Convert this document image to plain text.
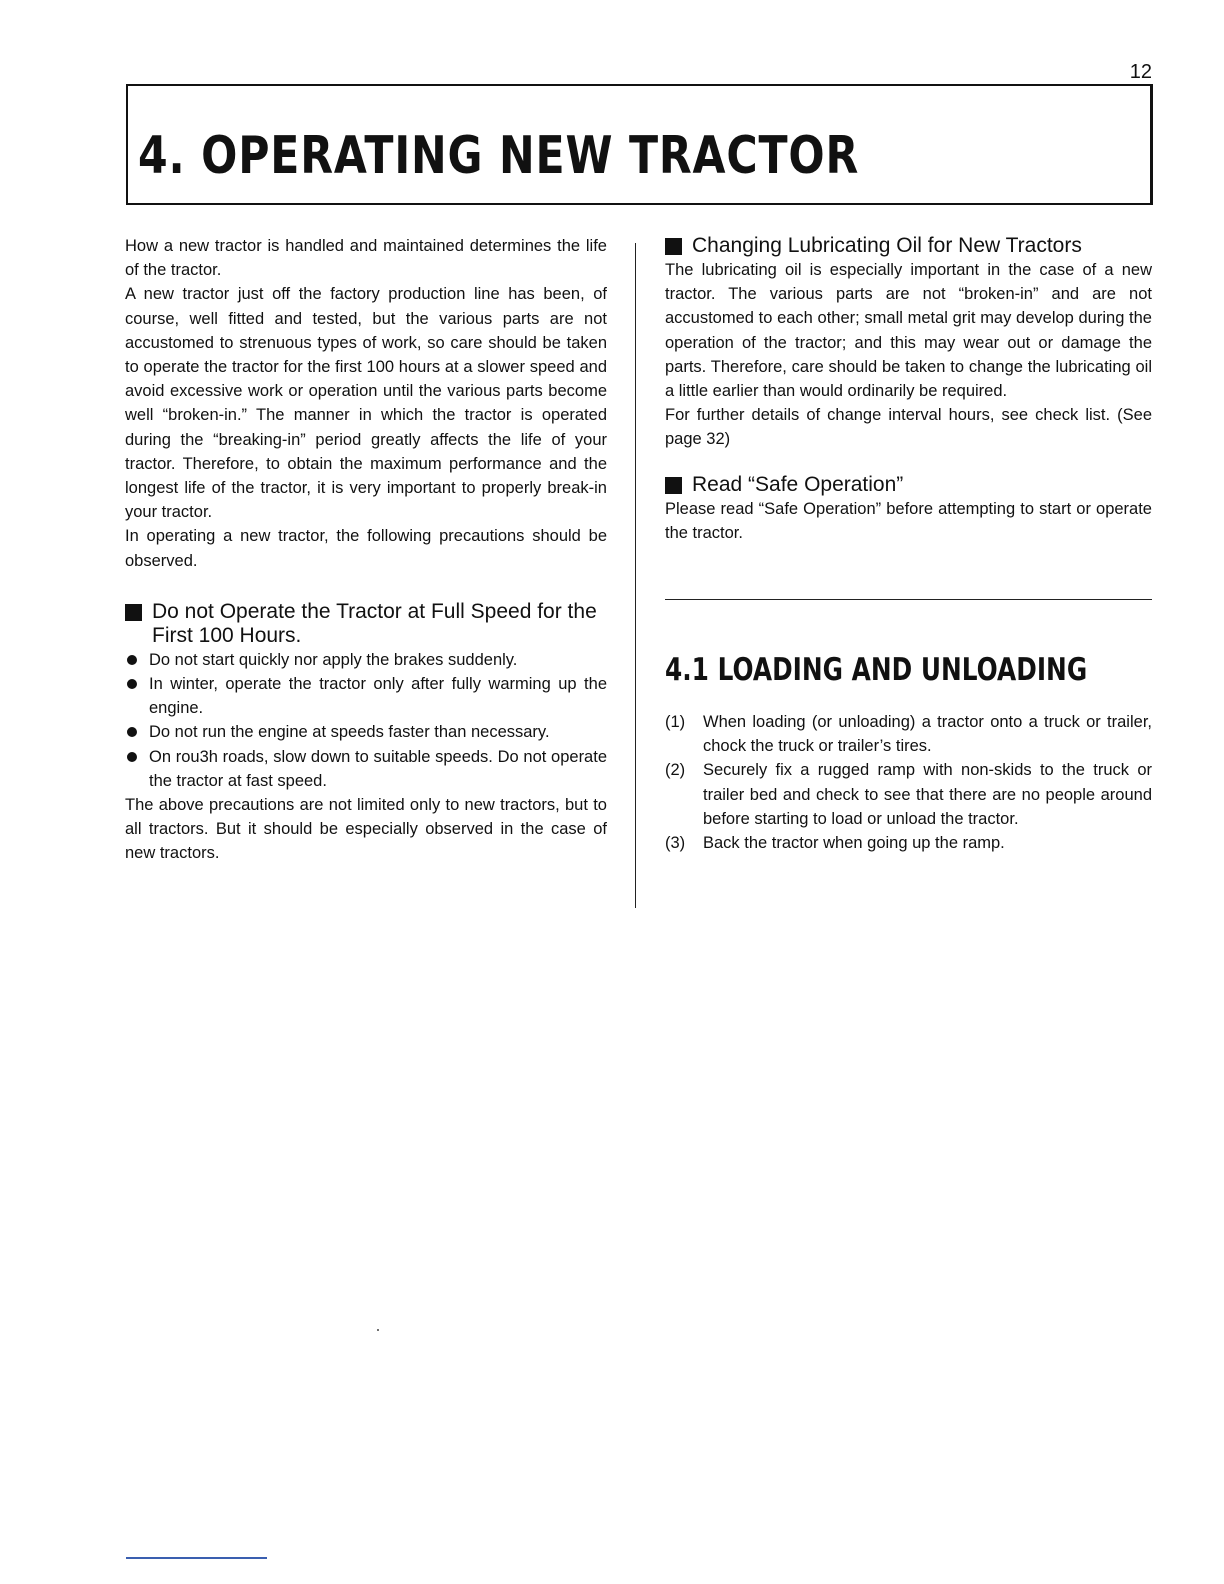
12
4. OPERATING NEW TRACTOR

How a new tractor is handled and maintained determines the life of the tractor.

A new tractor just off the factory production line has been, of course, well fitted and tested, but the various parts are not accustomed to strenuous types of work, so care should be taken to operate the tractor for the first 100 hours at a slower speed and avoid excessive work or operation until the various parts become well “broken-in.” The manner in which the tractor is operated during the “breaking-in” period greatly affects the life of your tractor. Therefore, to obtain the maximum performance and the longest life of the tractor, it is very important to properly break-in your tractor.

In operating a new tractor, the following precautions should be observed.

Do not Operate the Tractor at Full Speed for the First 100 Hours.
Do not start quickly nor apply the brakes suddenly.
In winter, operate the tractor only after fully warming up the engine.
Do not run the engine at speeds faster than necessary.
On rou3h roads, slow down to suitable speeds. Do not operate the tractor at fast speed.

The above precautions are not limited only to new tractors, but to all tractors. But it should be especially observed in the case of new tractors.

Changing Lubricating Oil for New Tractors

The lubricating oil is especially important in the case of a new tractor. The various parts are not “broken-in” and are not accustomed to each other; small metal grit may develop during the operation of the tractor; and this may wear out or damage the parts. Therefore, care should be taken to change the lubricating oil a little earlier than would ordinarily be required.

For further details of change interval hours, see check list. (See page 32)

Read “Safe Operation”

Please read “Safe Operation” before attempting to start or operate the tractor.

4.1 LOADING AND UNLOADING
(1) When loading (or unloading) a tractor onto a truck or trailer, chock the truck or trailer’s tires.
(2) Securely fix a rugged ramp with non-skids to the truck or trailer bed and check to see that there are no people around before starting to load or unload the tractor.
(3) Back the tractor when going up the ramp.
